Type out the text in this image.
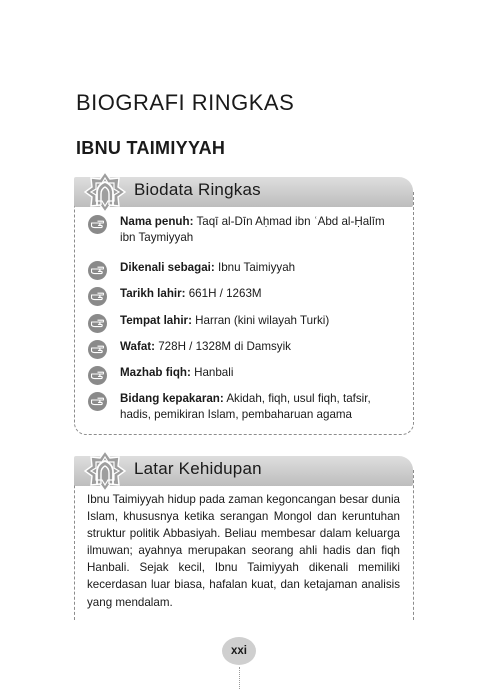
BIOGRAFI RINGKAS
IBNU TAIMIYYAH
Biodata Ringkas
Nama penuh: Taqī al-Dīn Aḥmad ibn ʿAbd al-Ḥalīm ibn Taymiyyah
Dikenali sebagai: Ibnu Taimiyyah
Tarikh lahir: 661H / 1263M
Tempat lahir: Harran (kini wilayah Turki)
Wafat: 728H / 1328M di Damsyik
Mazhab fiqh: Hanbali
Bidang kepakaran: Akidah, fiqh, usul fiqh, tafsir, hadis, pemikiran Islam, pembaharuan agama
Latar Kehidupan

Ibnu Taimiyyah hidup pada zaman kegoncangan besar dunia Islam, khususnya ketika serangan Mongol dan keruntuhan struktur politik Abbasiyah. Beliau membesar dalam keluarga ilmuwan; ayahnya merupakan seorang ahli hadis dan fiqh Hanbali. Sejak kecil, Ibnu Taimiyyah dikenali memiliki kecerdasan luar biasa, hafalan kuat, dan ketajaman analisis yang mendalam.

xxi
